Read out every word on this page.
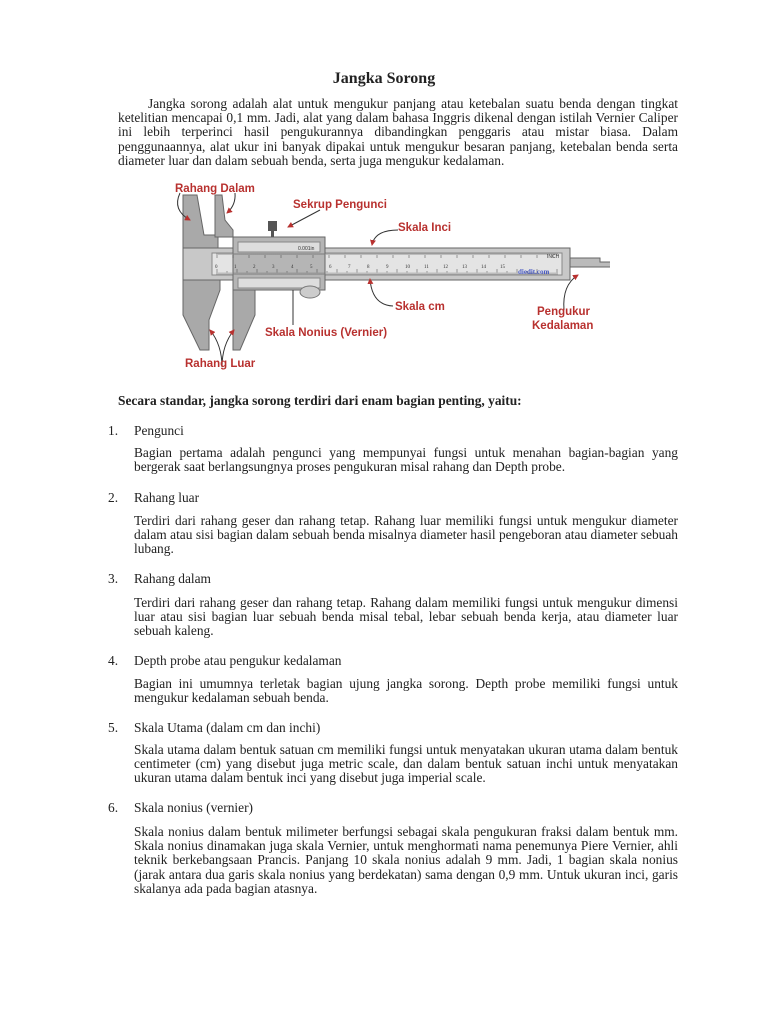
Jangka Sorong
Jangka sorong adalah alat untuk mengukur panjang atau ketebalan suatu benda dengan tingkat ketelitian mencapai 0,1 mm. Jadi, alat yang dalam bahasa Inggris dikenal dengan istilah Vernier Caliper ini lebih terperinci hasil pengukurannya dibandingkan penggaris atau mistar biasa. Dalam penggunaannya, alat ukur ini banyak dipakai untuk mengukur besaran panjang, ketebalan benda serta diameter luar dan dalam sebuah benda, serta juga mengukur kedalaman.
0	1	2	3	4	5	6	7	8	9	10	11	12	13	14	15
0.001in
INCH
diedit.com
Rahang Dalam
Sekrup Pengunci
Skala Inci
Skala cm
Skala Nonius (Vernier)
Rahang Luar
Pengukur
Kedalaman
Secara standar, jangka sorong terdiri dari enam bagian penting, yaitu:
1. Pengunci
Bagian pertama adalah pengunci yang mempunyai fungsi untuk menahan bagian-bagian yang bergerak saat berlangsungnya proses pengukuran misal rahang dan Depth probe.
2. Rahang luar
Terdiri dari rahang geser dan rahang tetap. Rahang luar memiliki fungsi untuk mengukur diameter dalam atau sisi bagian dalam sebuah benda misalnya diameter hasil pengeboran atau diameter sebuah lubang.
3. Rahang dalam
Terdiri dari rahang geser dan rahang tetap. Rahang dalam memiliki fungsi untuk mengukur dimensi luar atau sisi bagian luar sebuah benda misal tebal, lebar sebuah benda kerja, atau diameter luar sebuah kaleng.
4. Depth probe atau pengukur kedalaman
Bagian ini umumnya terletak bagian ujung jangka sorong. Depth probe memiliki fungsi untuk mengukur kedalaman sebuah benda.
5. Skala Utama (dalam cm dan inchi)
Skala utama dalam bentuk satuan cm memiliki fungsi untuk menyatakan ukuran utama dalam bentuk centimeter (cm) yang disebut juga metric scale, dan dalam bentuk satuan inchi untuk menyatakan ukuran utama dalam bentuk inci yang disebut juga imperial scale.
6. Skala nonius (vernier)
Skala nonius dalam bentuk milimeter berfungsi sebagai skala pengukuran fraksi dalam bentuk mm. Skala nonius dinamakan juga skala Vernier, untuk menghormati nama penemunya Piere Vernier, ahli teknik berkebangsaan Prancis. Panjang 10 skala nonius adalah 9 mm. Jadi, 1 bagian skala nonius (jarak antara dua garis skala nonius yang berdekatan) sama dengan 0,9 mm. Untuk ukuran inci, garis skalanya ada pada bagian atasnya.
